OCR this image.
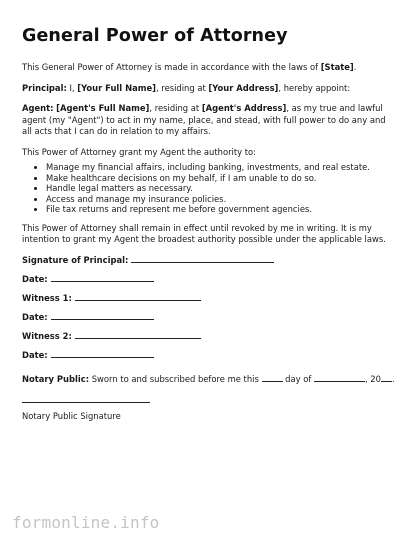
General Power of Attorney

This General Power of Attorney is made in accordance with the laws of [State].

Principal: I, [Your Full Name], residing at [Your Address], hereby appoint:

Agent: [Agent's Full Name], residing at [Agent's Address], as my true and lawful agent (my "Agent") to act in my name, place, and stead, with full power to do any and all acts that I can do in relation to my affairs.

This Power of Attorney grant my Agent the authority to:

• Manage my financial affairs, including banking, investments, and real estate.
• Make healthcare decisions on my behalf, if I am unable to do so.
• Handle legal matters as necessary.
• Access and manage my insurance policies.
• File tax returns and represent me before government agencies.

This Power of Attorney shall remain in effect until revoked by me in writing. It is my intention to grant my Agent the broadest authority possible under the applicable laws.

Signature of Principal:
Date:
Witness 1:
Date:
Witness 2:
Date:
Notary Public: Sworn to and subscribed before me this	day of	, 20 .
Notary Public Signature
formonline.info
